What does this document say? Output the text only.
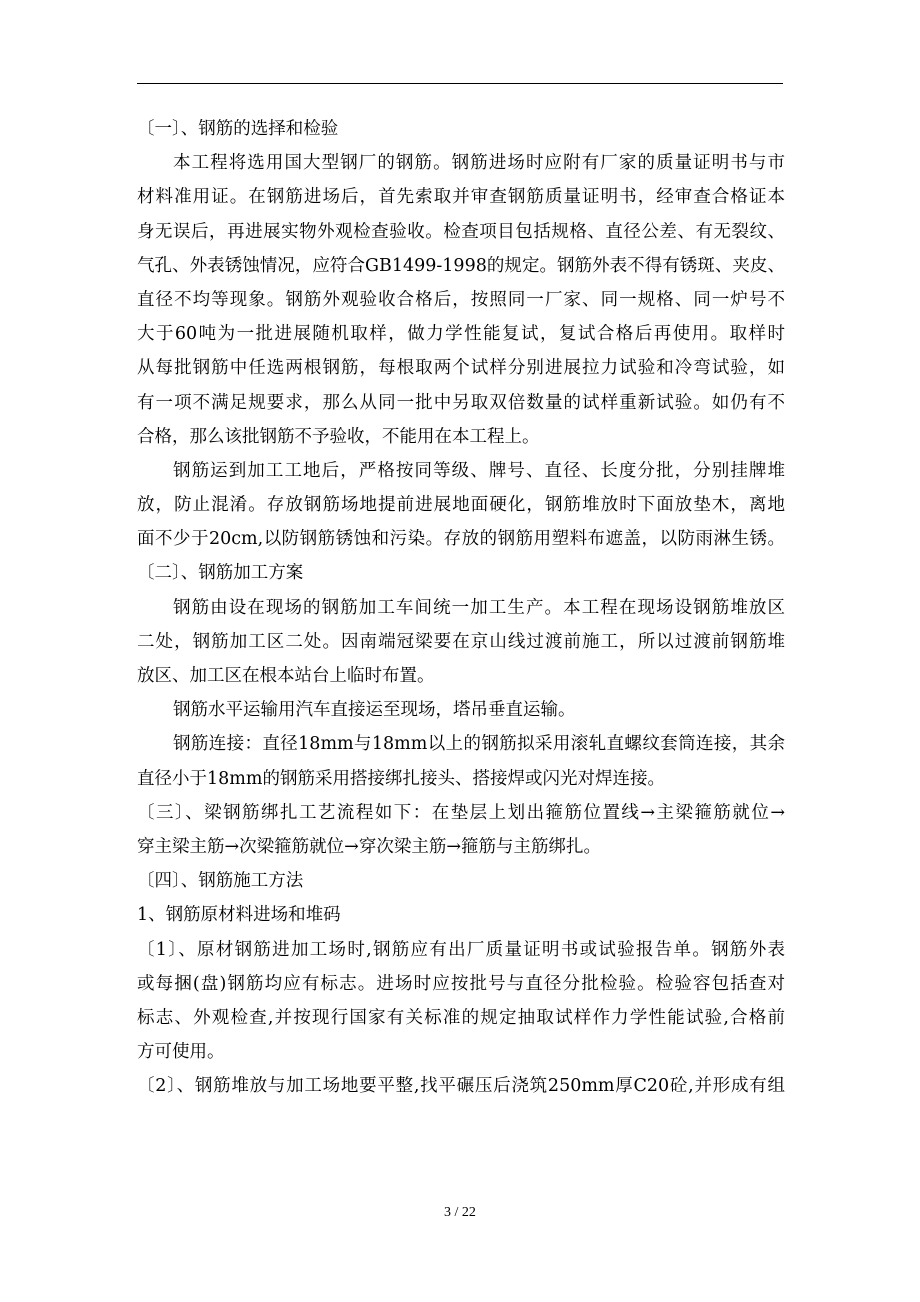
〔一〕、钢筋的选择和检验
本工程将选用国大型钢厂的钢筋。钢筋进场时应附有厂家的质量证明书与市
材料准用证。在钢筋进场后，首先索取并审查钢筋质量证明书，经审查合格证本
身无误后，再进展实物外观检查验收。检查项目包括规格、直径公差、有无裂纹、
气孔、外表锈蚀情况，应符合GB1499-1998的规定。钢筋外表不得有锈斑、夹皮、
直径不均等现象。钢筋外观验收合格后，按照同一厂家、同一规格、同一炉号不
大于60吨为一批进展随机取样，做力学性能复试，复试合格后再使用。取样时
从每批钢筋中任选两根钢筋，每根取两个试样分别进展拉力试验和冷弯试验，如
有一项不满足规要求，那么从同一批中另取双倍数量的试样重新试验。如仍有不
合格，那么该批钢筋不予验收，不能用在本工程上。
钢筋运到加工工地后，严格按同等级、牌号、直径、长度分批，分别挂牌堆
放，防止混淆。存放钢筋场地提前进展地面硬化，钢筋堆放时下面放垫木，离地
面不少于20cm,以防钢筋锈蚀和污染。存放的钢筋用塑料布遮盖，以防雨淋生锈。
〔二〕、钢筋加工方案
钢筋由设在现场的钢筋加工车间统一加工生产。本工程在现场设钢筋堆放区
二处，钢筋加工区二处。因南端冠梁要在京山线过渡前施工，所以过渡前钢筋堆
放区、加工区在根本站台上临时布置。
钢筋水平运输用汽车直接运至现场，塔吊垂直运输。
钢筋连接：直径18mm与18mm以上的钢筋拟采用滚轧直螺纹套筒连接，其余
直径小于18mm的钢筋采用搭接绑扎接头、搭接焊或闪光对焊连接。
〔三〕、梁钢筋绑扎工艺流程如下：在垫层上划出箍筋位置线→主梁箍筋就位→
穿主梁主筋→次梁箍筋就位→穿次梁主筋→箍筋与主筋绑扎。
〔四〕、钢筋施工方法
1、钢筋原材料进场和堆码
〔1〕、原材钢筋进加工场时,钢筋应有出厂质量证明书或试验报告单。钢筋外表
或每捆(盘)钢筋均应有标志。进场时应按批号与直径分批检验。检验容包括查对
标志、外观检查,并按现行国家有关标准的规定抽取试样作力学性能试验,合格前
方可使用。
〔2〕、钢筋堆放与加工场地要平整,找平碾压后浇筑250mm厚C20砼,并形成有组
3 / 22
